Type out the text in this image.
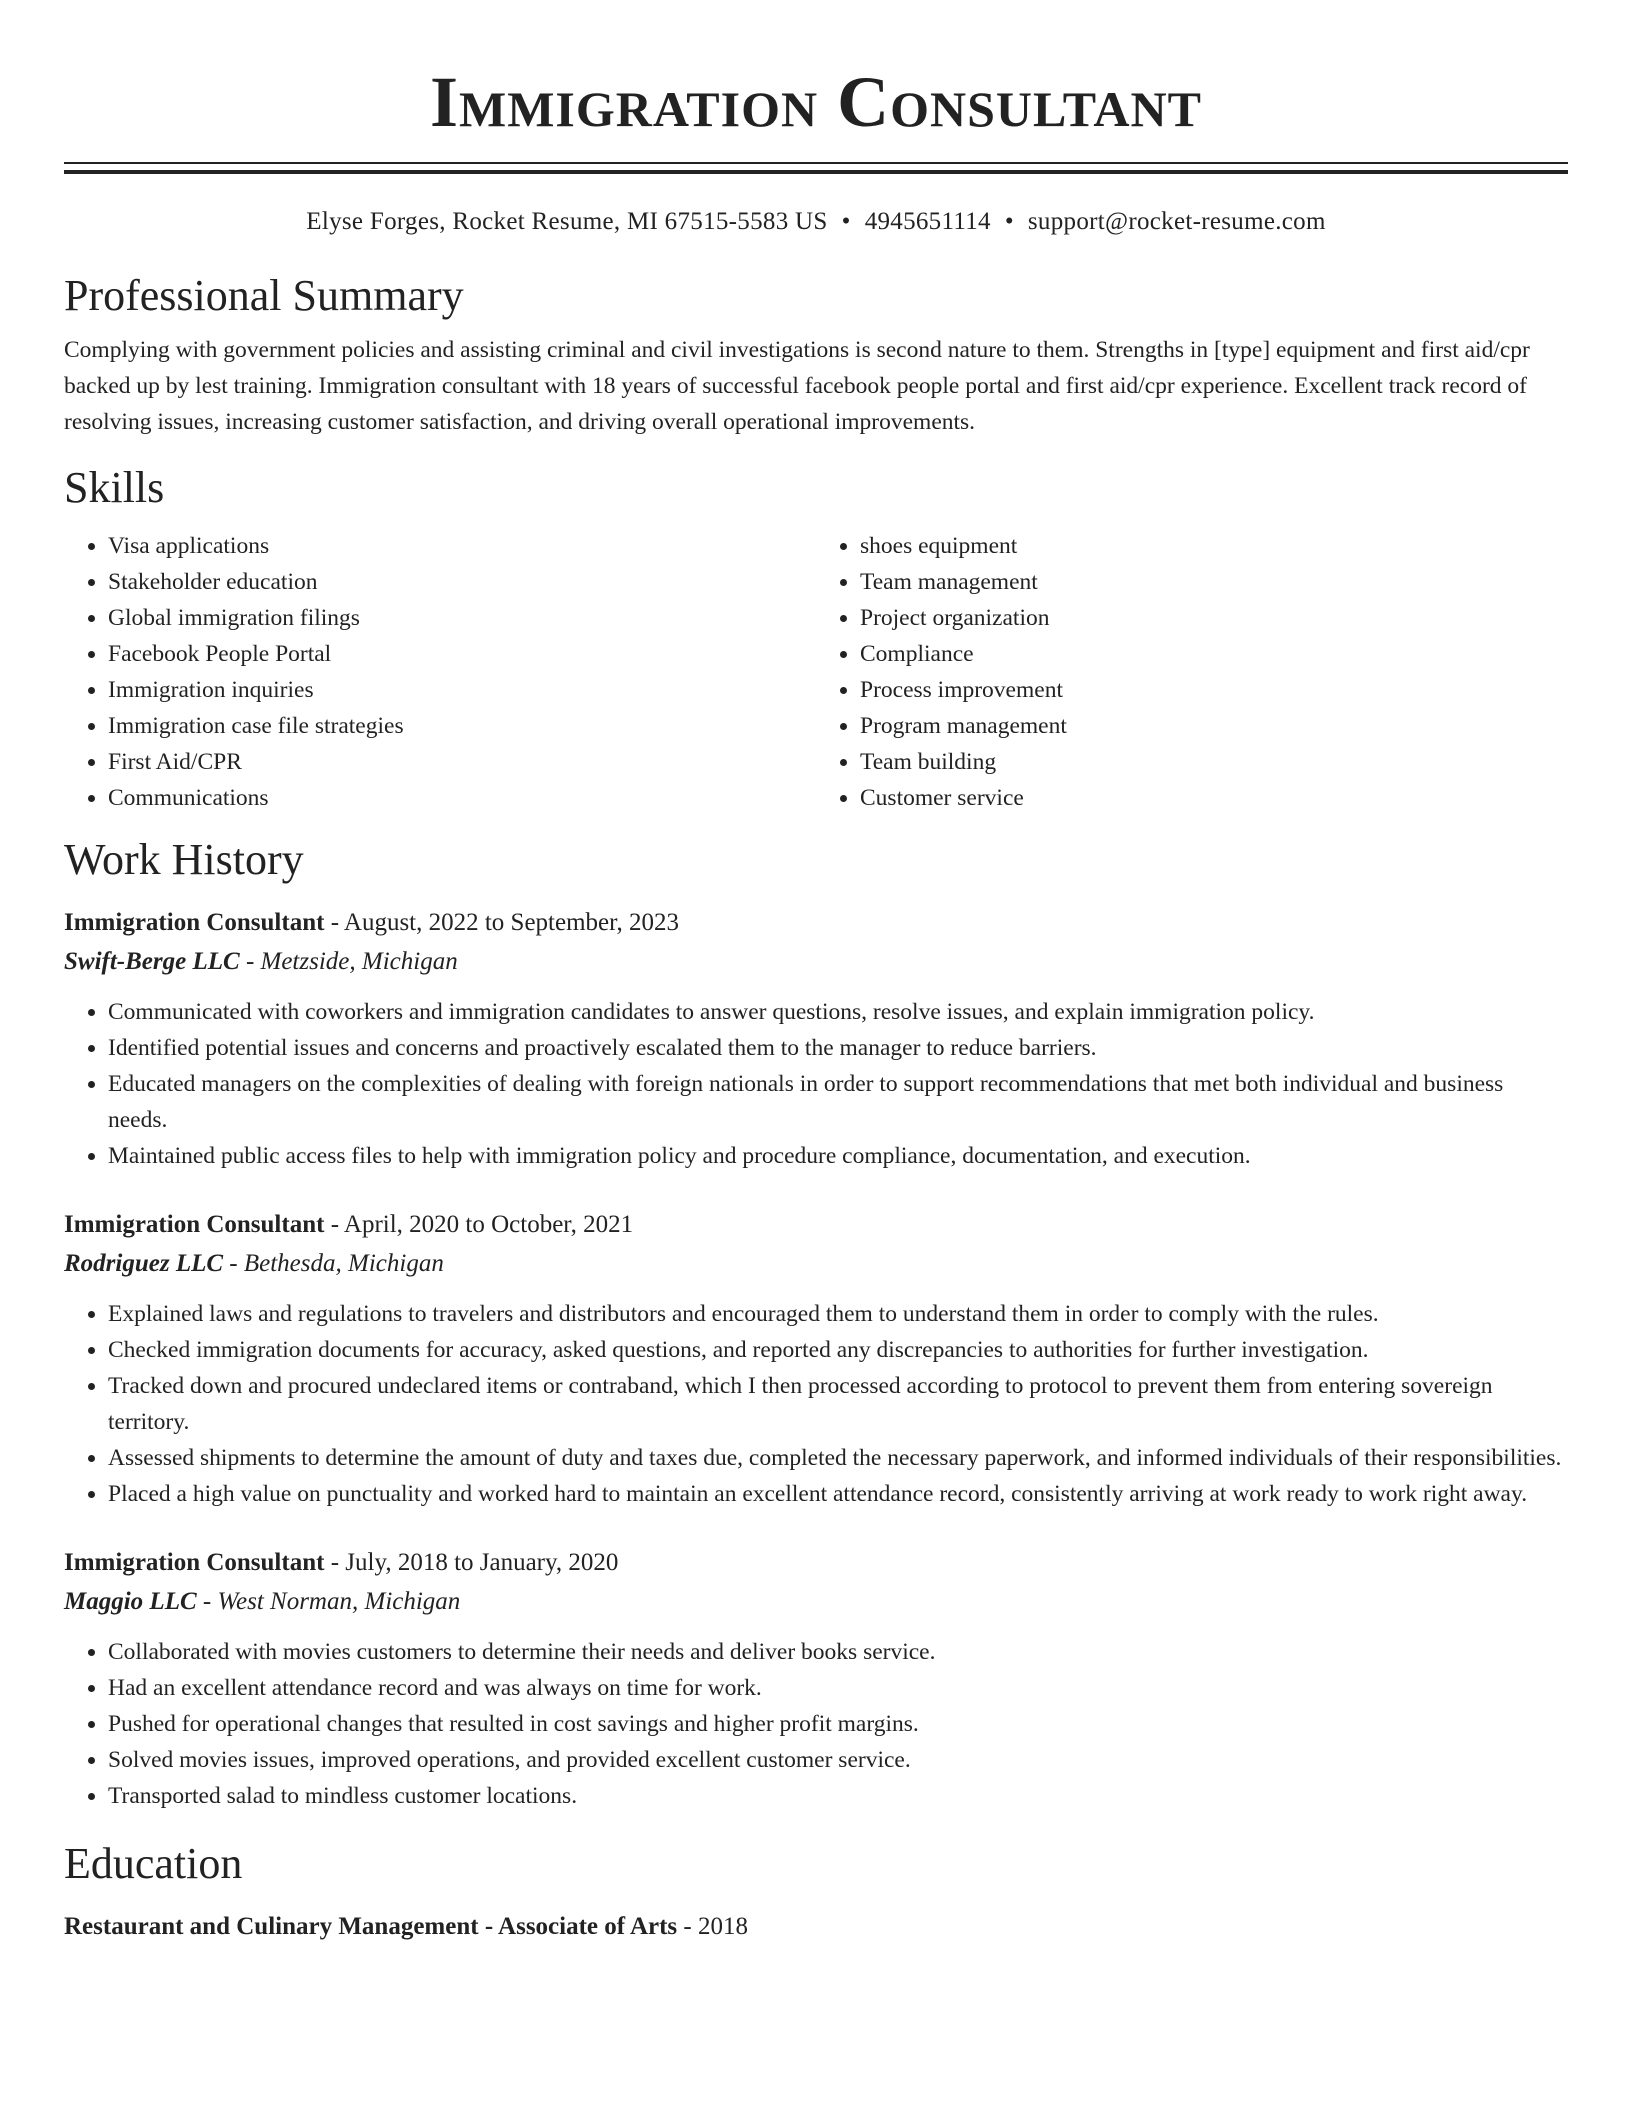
Immigration Consultant
Elyse Forges, Rocket Resume, MI 67515-5583 US • 4945651114 • support@rocket-resume.com
Professional Summary
Complying with government policies and assisting criminal and civil investigations is second nature to them. Strengths in [type] equipment and first aid/cpr backed up by lest training. Immigration consultant with 18 years of successful facebook people portal and first aid/cpr experience. Excellent track record of resolving issues, increasing customer satisfaction, and driving overall operational improvements.
Skills
• Visa applications
• Stakeholder education
• Global immigration filings
• Facebook People Portal
• Immigration inquiries
• Immigration case file strategies
• First Aid/CPR
• Communications
• shoes equipment
• Team management
• Project organization
• Compliance
• Process improvement
• Program management
• Team building
• Customer service
Work History
Immigration Consultant - August, 2022 to September, 2023
Swift-Berge LLC - Metzside, Michigan
• Communicated with coworkers and immigration candidates to answer questions, resolve issues, and explain immigration policy.
• Identified potential issues and concerns and proactively escalated them to the manager to reduce barriers.
• Educated managers on the complexities of dealing with foreign nationals in order to support recommendations that met both individual and business needs.
• Maintained public access files to help with immigration policy and procedure compliance, documentation, and execution.
Immigration Consultant - April, 2020 to October, 2021
Rodriguez LLC - Bethesda, Michigan
• Explained laws and regulations to travelers and distributors and encouraged them to understand them in order to comply with the rules.
• Checked immigration documents for accuracy, asked questions, and reported any discrepancies to authorities for further investigation.
• Tracked down and procured undeclared items or contraband, which I then processed according to protocol to prevent them from entering sovereign territory.
• Assessed shipments to determine the amount of duty and taxes due, completed the necessary paperwork, and informed individuals of their responsibilities.
• Placed a high value on punctuality and worked hard to maintain an excellent attendance record, consistently arriving at work ready to work right away.
Immigration Consultant - July, 2018 to January, 2020
Maggio LLC - West Norman, Michigan
• Collaborated with movies customers to determine their needs and deliver books service.
• Had an excellent attendance record and was always on time for work.
• Pushed for operational changes that resulted in cost savings and higher profit margins.
• Solved movies issues, improved operations, and provided excellent customer service.
• Transported salad to mindless customer locations.
Education
Restaurant and Culinary Management - Associate of Arts - 2018
